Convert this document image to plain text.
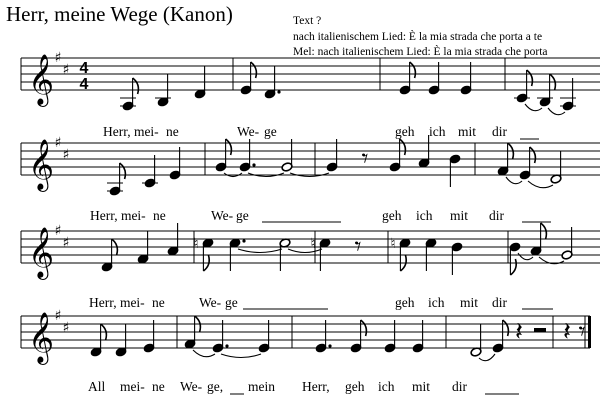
Herr, meine Wege (Kanon)	Text ?
nach italienischem Lied: È la mia strada che porta a te
Mel: nach italienischem Lied: È la mia strada che porta
Herr, mei- ne	We- ge	geh ich mit dir
Herr, mei- ne	We- ge	geh ich mit dir
Herr, mei- ne	We- ge	geh ich mit dir
All mei- ne We- ge, mein Herr, geh ich mit dir
𝄞 ♯
♯ 4
4
𝄞 ♯
♯	𝄾
𝄞 ♯
♯	♮	♮ 𝄾 ♮
𝄞 ♯
♯	𝄽 𝄽 𝄾
